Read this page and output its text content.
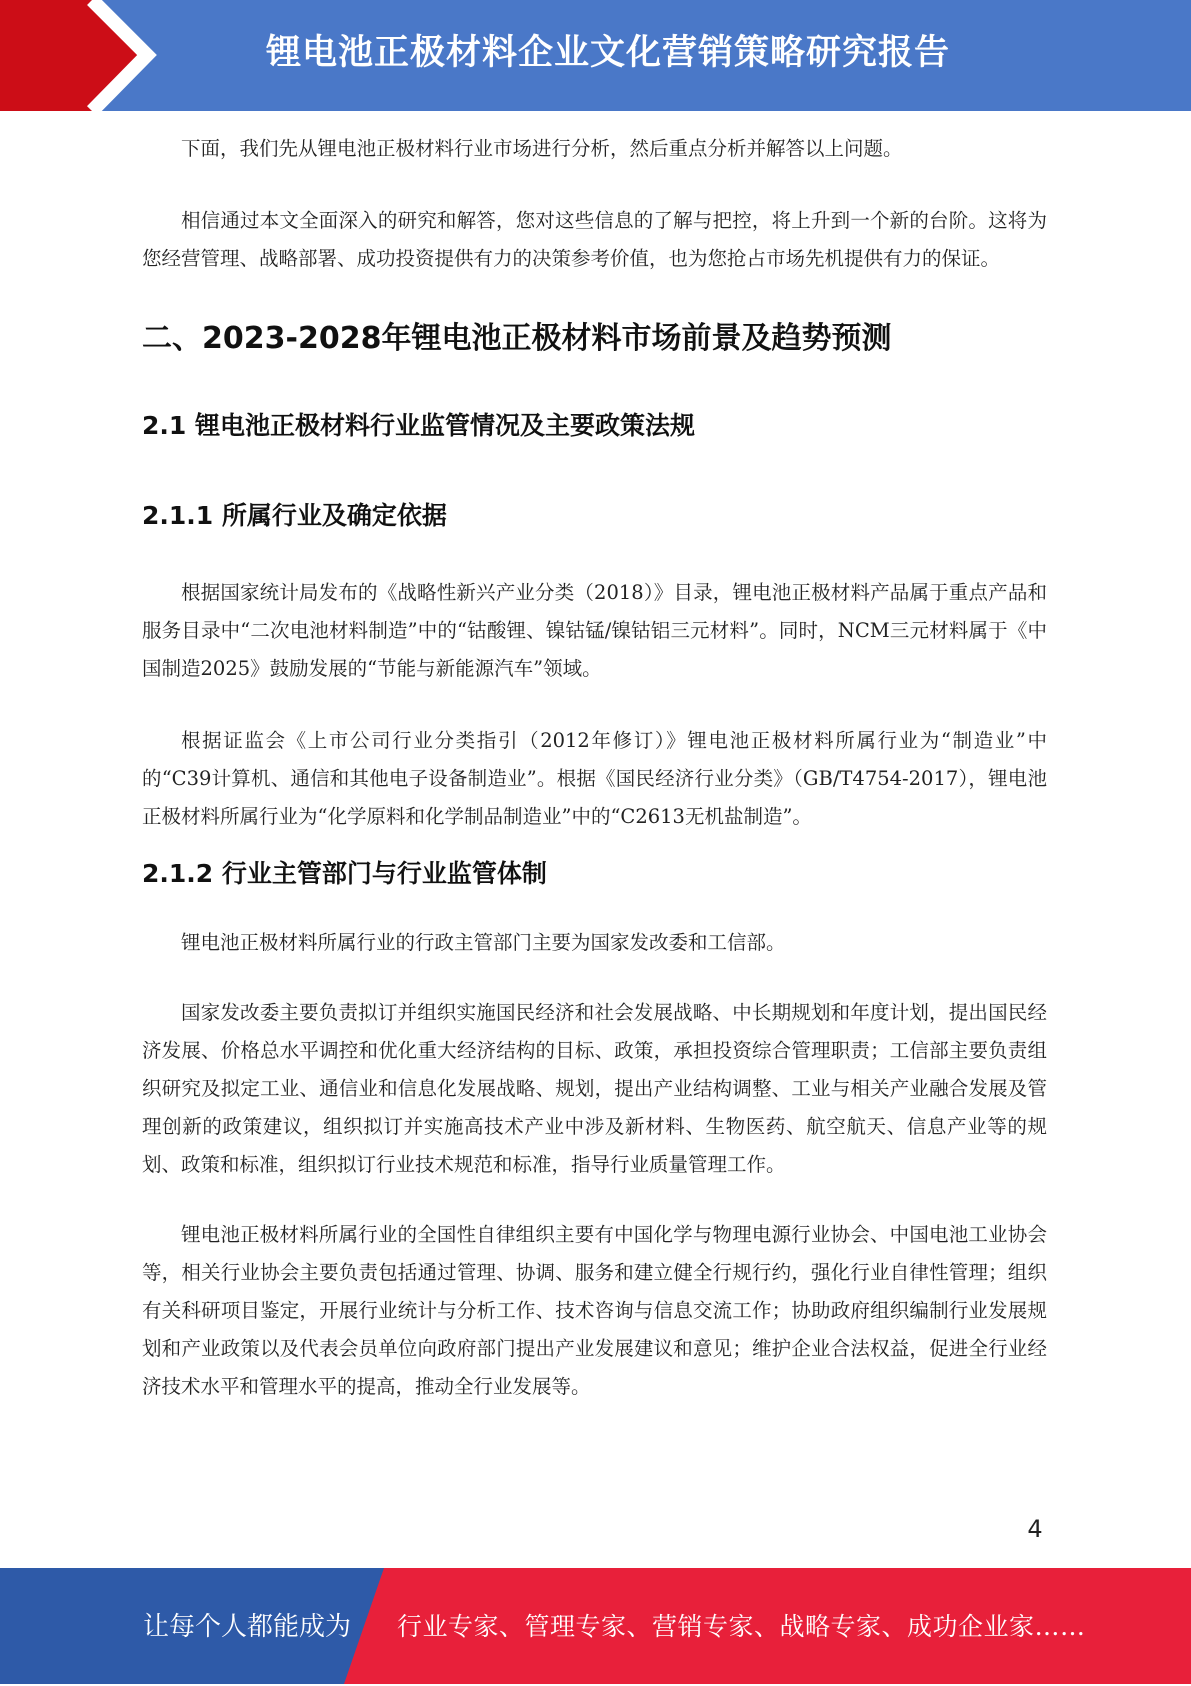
锂电池正极材料企业文化营销策略研究报告

下面，我们先从锂电池正极材料行业市场进行分析，然后重点分析并解答以上问题。

相信通过本文全面深入的研究和解答，您对这些信息的了解与把控，将上升到一个新的台阶。这将为您经营管理、战略部署、成功投资提供有力的决策参考价值，也为您抢占市场先机提供有力的保证。

二、2023-2028年锂电池正极材料市场前景及趋势预测
2.1 锂电池正极材料行业监管情况及主要政策法规
2.1.1 所属行业及确定依据

根据国家统计局发布的《战略性新兴产业分类（2018）》目录，锂电池正极材料产品属于重点产品和服务目录中“二次电池材料制造”中的“钴酸锂、镍钴锰/镍钴铝三元材料”。同时，NCM三元材料属于《中国制造2025》鼓励发展的“节能与新能源汽车”领域。

根据证监会《上市公司行业分类指引（2012年修订）》锂电池正极材料所属行业为“制造业”中的“C39计算机、通信和其他电子设备制造业”。根据《国民经济行业分类》（GB/T4754-2017），锂电池正极材料所属行业为“化学原料和化学制品制造业”中的“C2613无机盐制造”。

2.1.2 行业主管部门与行业监管体制

锂电池正极材料所属行业的行政主管部门主要为国家发改委和工信部。

国家发改委主要负责拟订并组织实施国民经济和社会发展战略、中长期规划和年度计划，提出国民经济发展、价格总水平调控和优化重大经济结构的目标、政策，承担投资综合管理职责；工信部主要负责组织研究及拟定工业、通信业和信息化发展战略、规划，提出产业结构调整、工业与相关产业融合发展及管理创新的政策建议，组织拟订并实施高技术产业中涉及新材料、生物医药、航空航天、信息产业等的规划、政策和标准，组织拟订行业技术规范和标准，指导行业质量管理工作。

锂电池正极材料所属行业的全国性自律组织主要有中国化学与物理电源行业协会、中国电池工业协会等，相关行业协会主要负责包括通过管理、协调、服务和建立健全行规行约，强化行业自律性管理；组织有关科研项目鉴定，开展行业统计与分析工作、技术咨询与信息交流工作；协助政府组织编制行业发展规划和产业政策以及代表会员单位向政府部门提出产业发展建议和意见；维护企业合法权益，促进全行业经济技术水平和管理水平的提高，推动全行业发展等。

4
让每个人都能成为 行业专家、管理专家、营销专家、战略专家、成功企业家……
